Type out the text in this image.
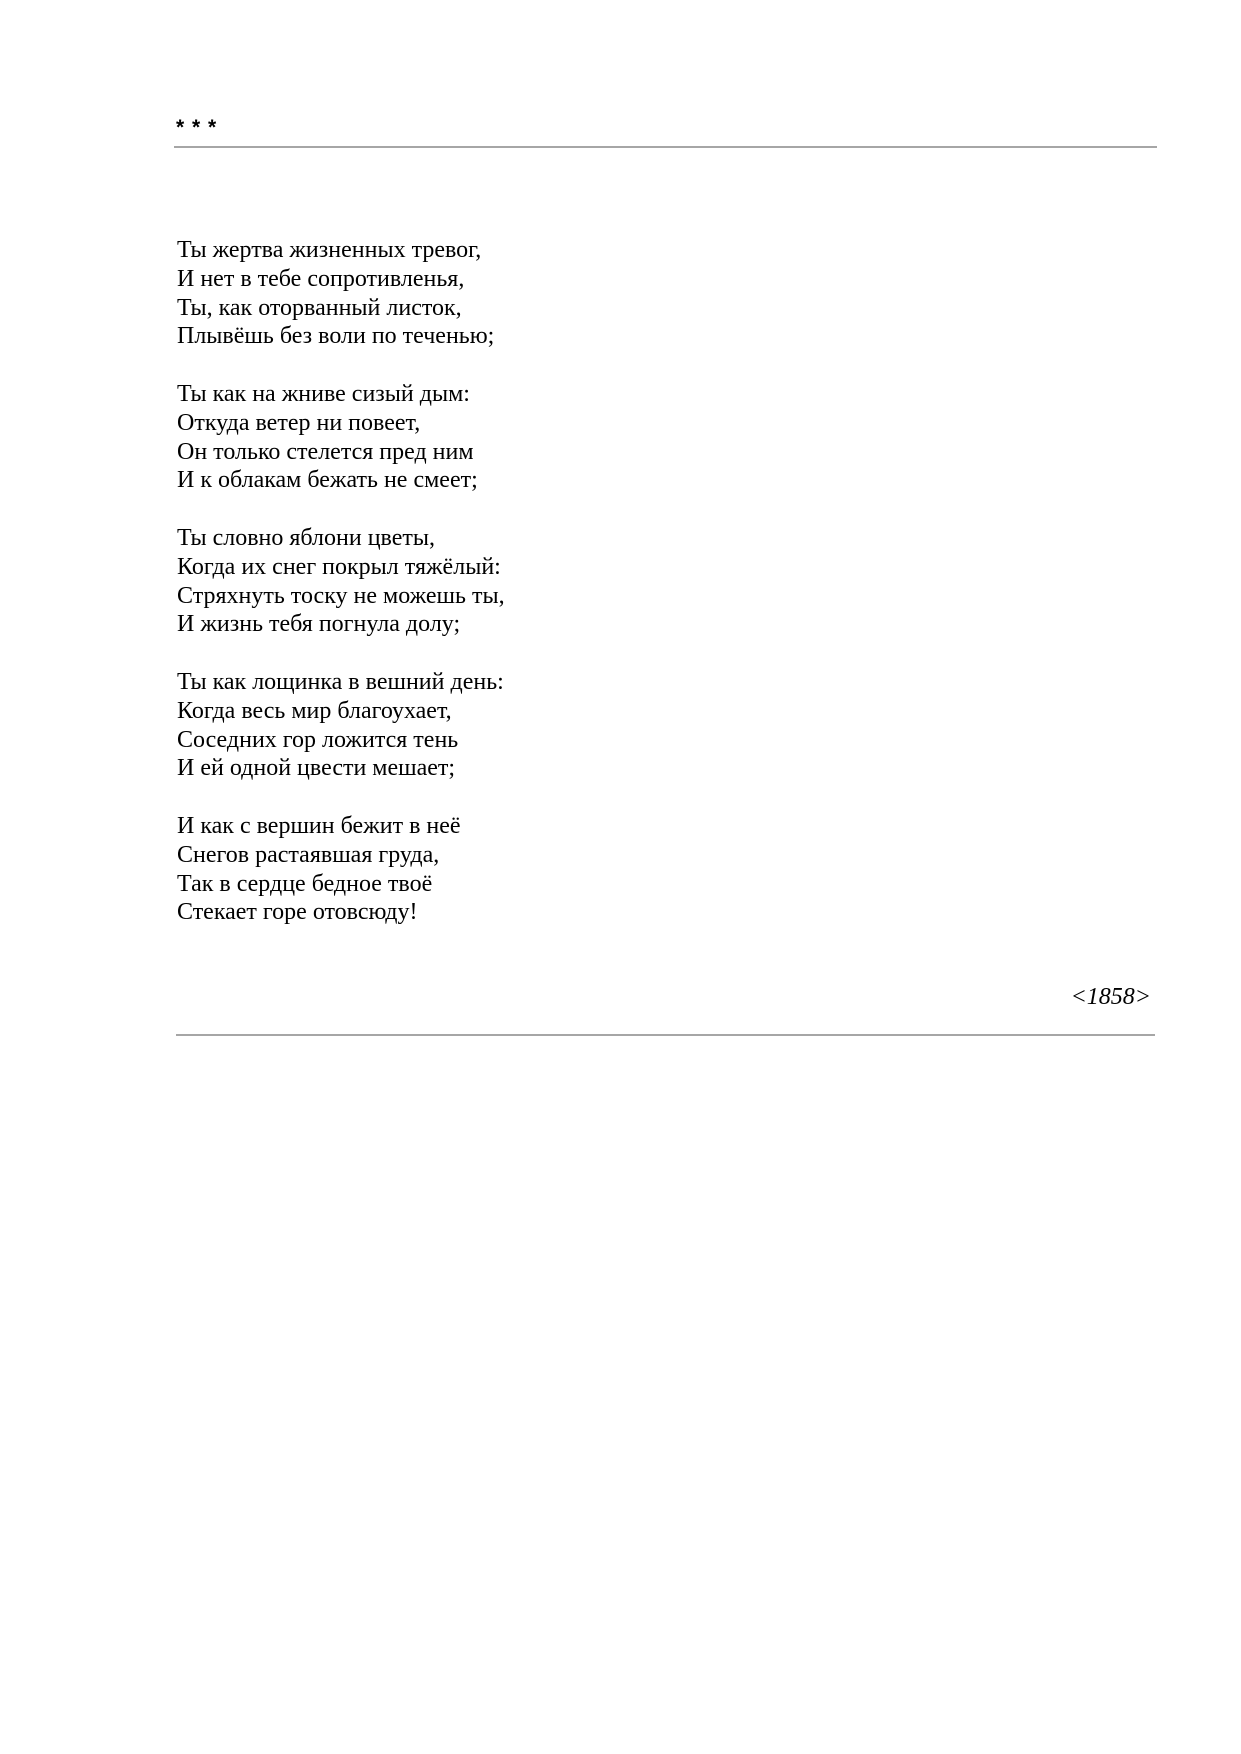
* * *
Ты жертва жизненных тревог,
И нет в тебе сопротивленья,
Ты, как оторванный листок,
Плывёшь без воли по теченью;
Ты как на жниве сизый дым:
Откуда ветер ни повеет,
Он только стелется пред ним
И к облакам бежать не смеет;
Ты словно яблони цветы,
Когда их снег покрыл тяжёлый:
Стряхнуть тоску не можешь ты,
И жизнь тебя погнула долу;
Ты как лощинка в вешний день:
Когда весь мир благоухает,
Соседних гор ложится тень
И ей одной цвести мешает;
И как с вершин бежит в неё
Снегов растаявшая груда,
Так в сердце бедное твоё
Стекает горе отовсюду!
<1858>
